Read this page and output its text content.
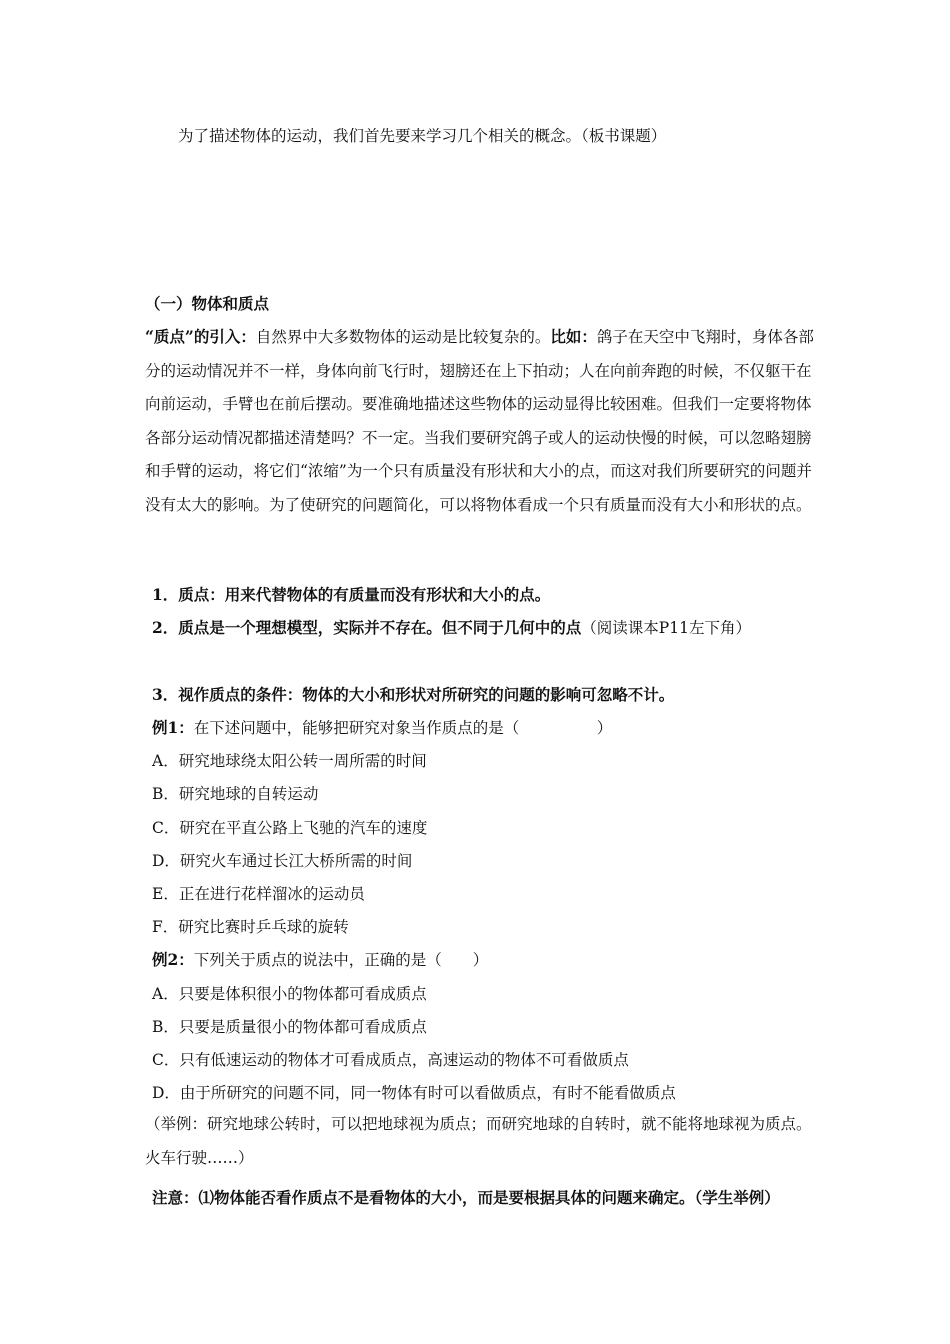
为了描述物体的运动，我们首先要来学习几个相关的概念。（板书课题）
（一）物体和质点
“质点”的引入：自然界中大多数物体的运动是比较复杂的。比如：鸽子在天空中飞翔时，身体各部分的运动情况并不一样，身体向前飞行时，翅膀还在上下拍动；人在向前奔跑的时候，不仅躯干在向前运动，手臂也在前后摆动。要准确地描述这些物体的运动显得比较困难。但我们一定要将物体各部分运动情况都描述清楚吗？不一定。当我们要研究鸽子或人的运动快慢的时候，可以忽略翅膀和手臂的运动，将它们“浓缩”为一个只有质量没有形状和大小的点，而这对我们所要研究的问题并没有太大的影响。为了使研究的问题简化，可以将物体看成一个只有质量而没有大小和形状的点。
1．质点：用来代替物体的有质量而没有形状和大小的点。
2．质点是一个理想模型，实际并不存在。但不同于几何中的点（阅读课本P11左下角）
3．视作质点的条件：物体的大小和形状对所研究的问题的影响可忽略不计。
例1：在下述问题中，能够把研究对象当作质点的是（　　　　　）
A．研究地球绕太阳公转一周所需的时间
B．研究地球的自转运动
C．研究在平直公路上飞驰的汽车的速度
D．研究火车通过长江大桥所需的时间
E．正在进行花样溜冰的运动员
F．研究比赛时乒乓球的旋转
例2：下列关于质点的说法中，正确的是（　　）
A．只要是体积很小的物体都可看成质点
B．只要是质量很小的物体都可看成质点
C．只有低速运动的物体才可看成质点，高速运动的物体不可看做质点
D．由于所研究的问题不同，同一物体有时可以看做质点，有时不能看做质点
（举例：研究地球公转时，可以把地球视为质点；而研究地球的自转时，就不能将地球视为质点。火车行驶……）
注意：⑴物体能否看作质点不是看物体的大小，而是要根据具体的问题来确定。（学生举例）
